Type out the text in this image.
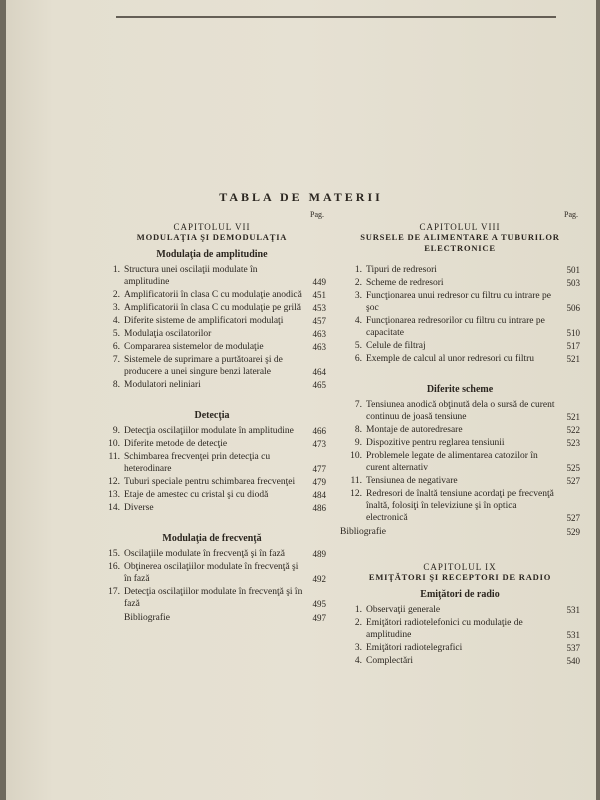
TABLA DE MATERII
Pag.
CAPITOLUL VII
MODULAŢIA ŞI DEMODULAŢIA
Modulaţia de amplitudine
1. Structura unei oscilaţii modulate în amplitudine	449
2. Amplificatorii în clasa C cu modulaţie anodică	451
3. Amplificatorii în clasa C cu modulaţie pe grilă	453
4. Diferite sisteme de amplificatori modulaţi	457
5. Modulaţia oscilatorilor	463
6. Compararea sistemelor de modulaţie	463
7. Sistemele de suprimare a purtătoarei şi de producere a unei singure benzi laterale	464
8. Modulatori neliniari	465
Detecţia
9. Detecţia oscilaţiilor modulate în amplitudine	466
10. Diferite metode de detecţie	473
11. Schimbarea frecvenţei prin detecţia cu heterodinare	477
12. Tuburi speciale pentru schimbarea frecvenţei	479
13. Etaje de amestec cu cristal şi cu diodă	484
14. Diverse	486
Modulaţia de frecvenţă
15. Oscilaţiile modulate în frecvenţă şi în fază	489
16. Obţinerea oscilaţiilor modulate în frecvenţă şi în fază	492
17. Detecţia oscilaţiilor modulate în frecvenţă şi în fază	495
Bibliografie	497
Pag.
CAPITOLUL VIII
SURSELE DE ALIMENTARE A TUBURILOR ELECTRONICE
1. Tipuri de redresori	501
2. Scheme de redresori	503
3. Funcţionarea unui redresor cu filtru cu intrare pe şoc	506
4. Funcţionarea redresorilor cu filtru cu intrare pe capacitate	510
5. Celule de filtraj	517
6. Exemple de calcul al unor redresori cu filtru	521
Diferite scheme
7. Tensiunea anodică obţinută dela o sursă de curent continuu de joasă tensiune	521
8. Montaje de autoredresare	522
9. Dispozitive pentru reglarea tensiunii	523
10. Problemele legate de alimentarea catozilor în curent alternativ	525
11. Tensiunea de negativare	527
12. Redresori de înaltă tensiune acordaţi pe frecvenţă înaltă, folosiţi în televiziune şi în optica electronică	527
Bibliografie	529
CAPITOLUL IX
EMIŢĂTORI ŞI RECEPTORI DE RADIO
Emiţători de radio
1. Observaţii generale	531
2. Emiţători radiotelefonici cu modulaţie de amplitudine	531
3. Emiţători radiotelegrafici	537
4. Complectări	540
